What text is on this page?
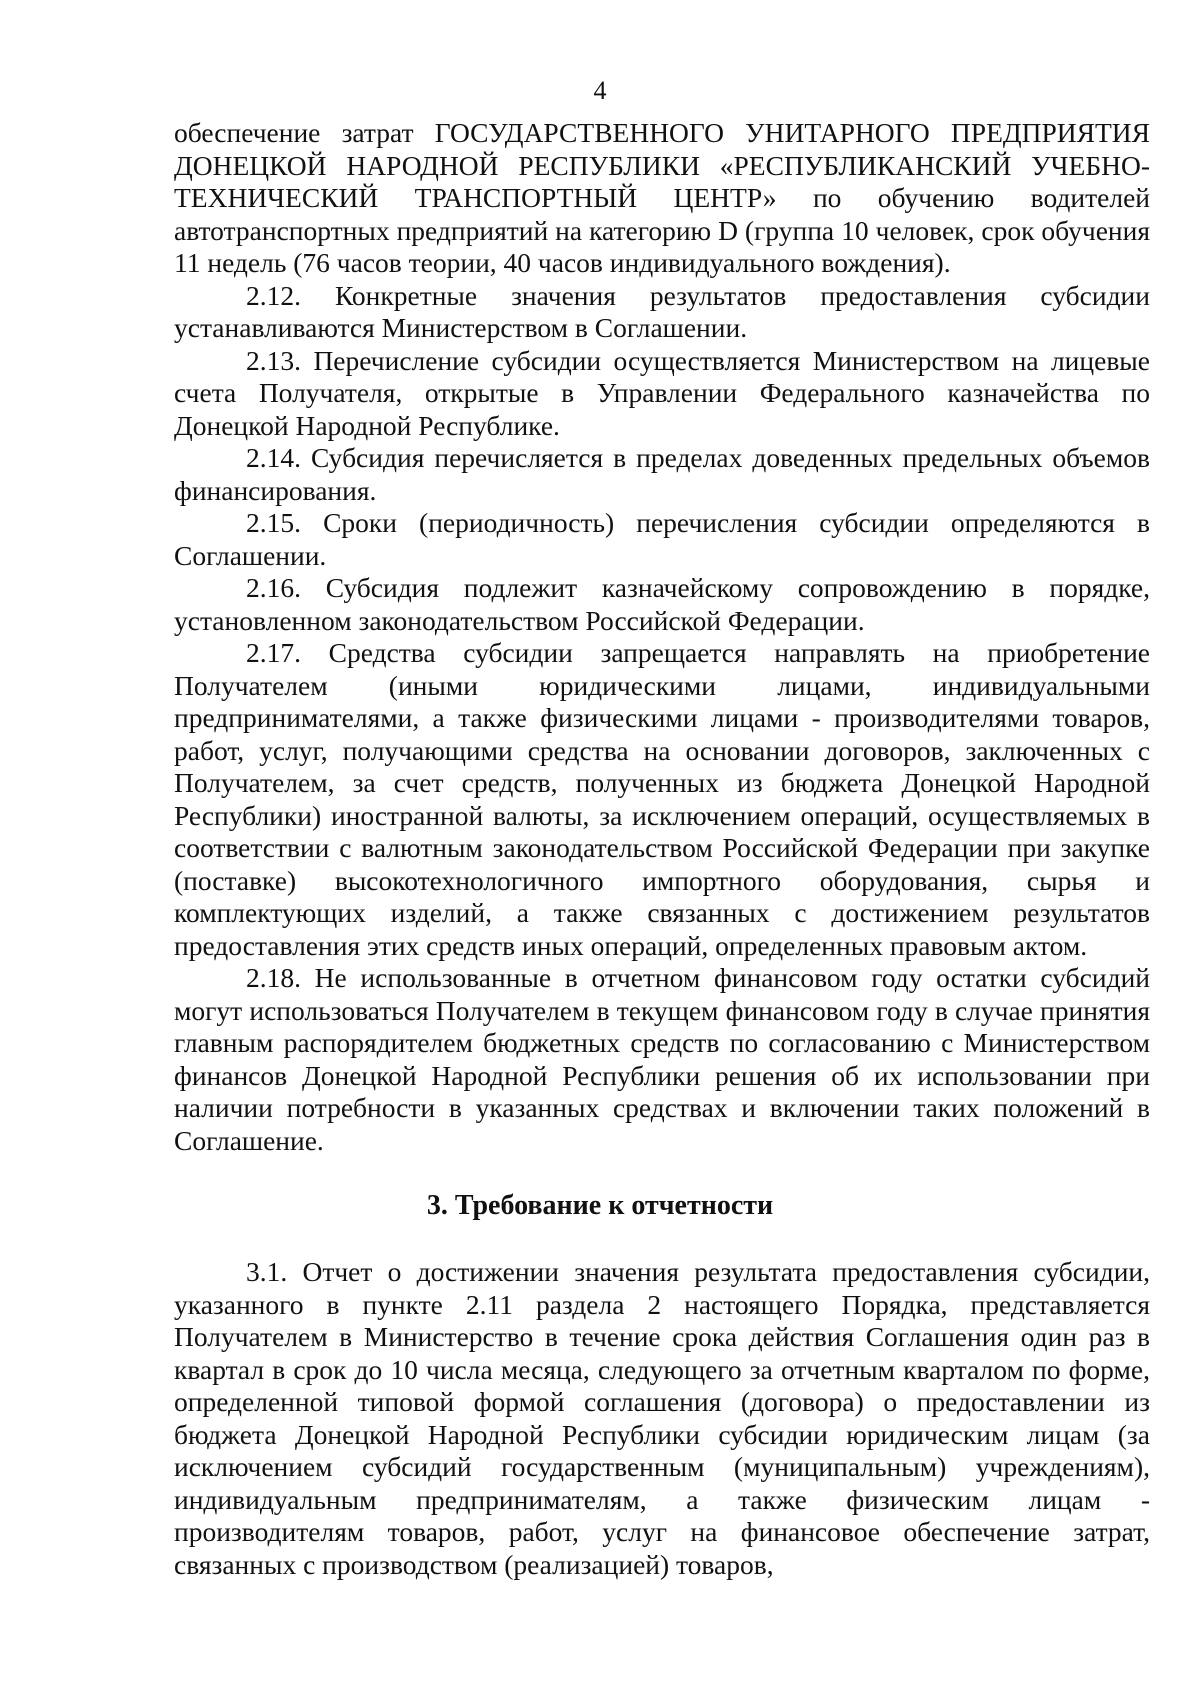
4

обеспечение затрат ГОСУДАРСТВЕННОГО УНИТАРНОГО ПРЕДПРИЯТИЯ ДОНЕЦКОЙ НАРОДНОЙ РЕСПУБЛИКИ «РЕСПУБЛИКАНСКИЙ УЧЕБНО-ТЕХНИЧЕСКИЙ ТРАНСПОРТНЫЙ ЦЕНТР» по обучению водителей автотранспортных предприятий на категорию D (группа 10 человек, срок обучения 11 недель (76 часов теории, 40 часов индивидуального вождения).

2.12. Конкретные значения результатов предоставления субсидии устанавливаются Министерством в Соглашении.

2.13. Перечисление субсидии осуществляется Министерством на лицевые счета Получателя, открытые в Управлении Федерального казначейства по Донецкой Народной Республике.

2.14. Субсидия перечисляется в пределах доведенных предельных объемов финансирования.

2.15. Сроки (периодичность) перечисления субсидии определяются в Соглашении.

2.16. Субсидия подлежит казначейскому сопровождению в порядке, установленном законодательством Российской Федерации.

2.17. Средства субсидии запрещается направлять на приобретение Получателем (иными юридическими лицами, индивидуальными предпринимателями, а также физическими лицами - производителями товаров, работ, услуг, получающими средства на основании договоров, заключенных с Получателем, за счет средств, полученных из бюджета Донецкой Народной Республики) иностранной валюты, за исключением операций, осуществляемых в соответствии с валютным законодательством Российской Федерации при закупке (поставке) высокотехнологичного импортного оборудования, сырья и комплектующих изделий, а также связанных с достижением результатов предоставления этих средств иных операций, определенных правовым актом.

2.18. Не использованные в отчетном финансовом году остатки субсидий могут использоваться Получателем в текущем финансовом году в случае принятия главным распорядителем бюджетных средств по согласованию с Министерством финансов Донецкой Народной Республики решения об их использовании при наличии потребности в указанных средствах и включении таких положений в Соглашение.

3. Требование к отчетности

3.1. Отчет о достижении значения результата предоставления субсидии, указанного в пункте 2.11 раздела 2 настоящего Порядка, представляется Получателем в Министерство в течение срока действия Соглашения один раз в квартал в срок до 10 числа месяца, следующего за отчетным кварталом по форме, определенной типовой формой соглашения (договора) о предоставлении из бюджета Донецкой Народной Республики субсидии юридическим лицам (за исключением субсидий государственным (муниципальным) учреждениям), индивидуальным предпринимателям, а также физическим лицам - производителям товаров, работ, услуг на финансовое обеспечение затрат, связанных с производством (реализацией) товаров,
